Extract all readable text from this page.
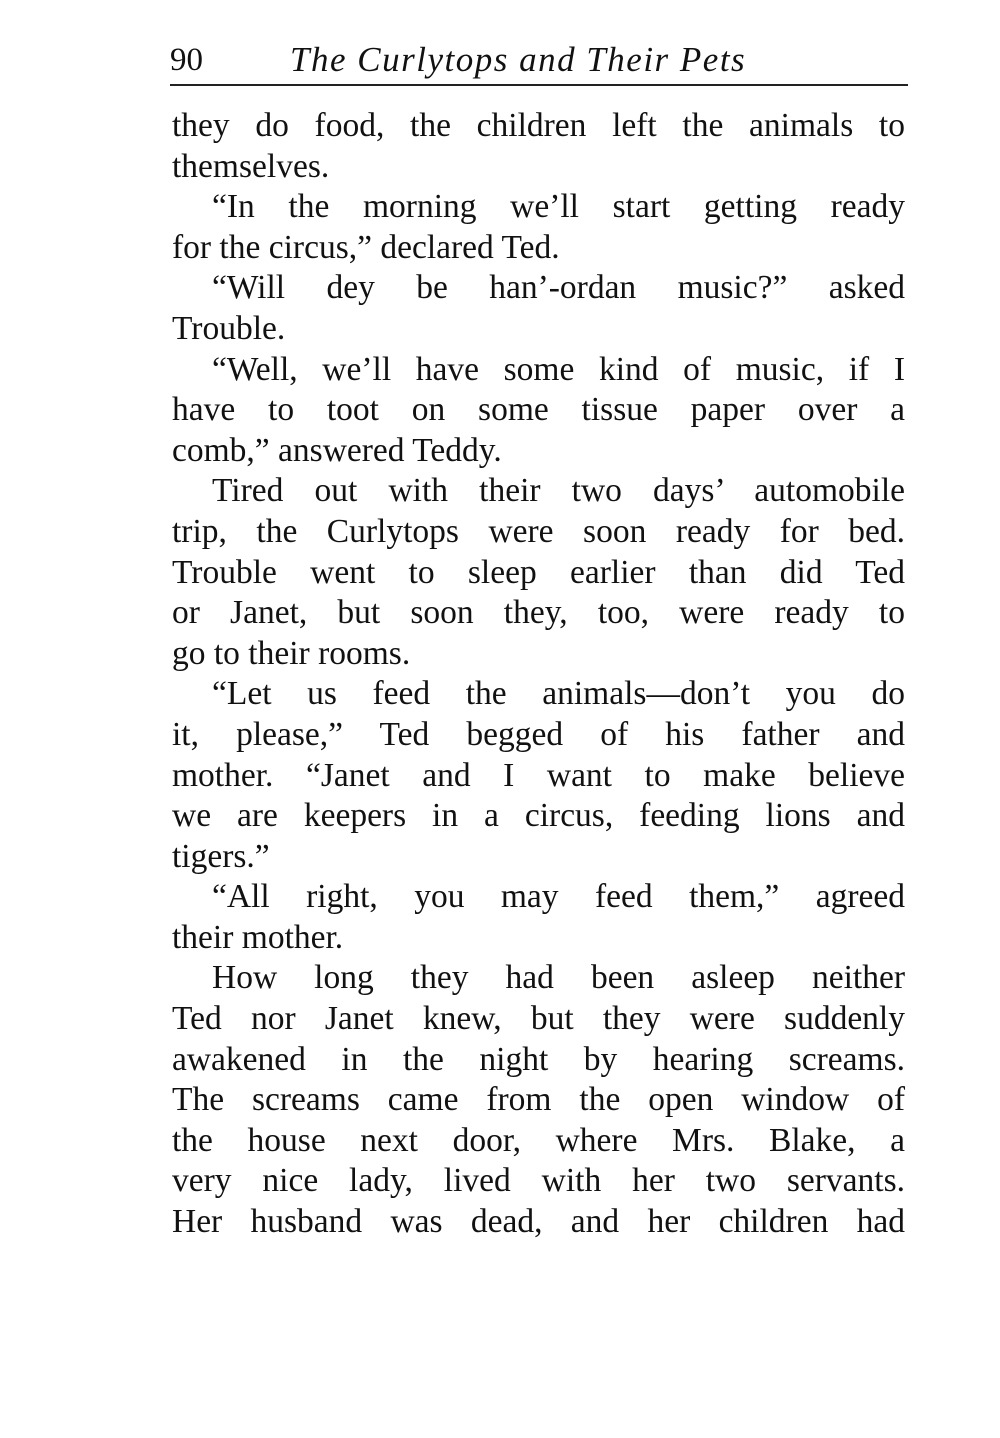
90 The Curlytops and Their Pets
they do food, the children left the animals to
themselves.
“In the morning we’ll start getting ready
for the circus,” declared Ted.
“Will dey be han’-ordan music?” asked
Trouble.
“Well, we’ll have some kind of music, if I
have to toot on some tissue paper over a
comb,” answered Teddy.
Tired out with their two days’ automobile
trip, the Curlytops were soon ready for bed.
Trouble went to sleep earlier than did Ted
or Janet, but soon they, too, were ready to
go to their rooms.
“Let us feed the animals—don’t you do
it, please,” Ted begged of his father and
mother. “Janet and I want to make believe
we are keepers in a circus, feeding lions and
tigers.”
“All right, you may feed them,” agreed
their mother.
How long they had been asleep neither
Ted nor Janet knew, but they were suddenly
awakened in the night by hearing screams.
The screams came from the open window of
the house next door, where Mrs. Blake, a
very nice lady, lived with her two servants.
Her husband was dead, and her children had
